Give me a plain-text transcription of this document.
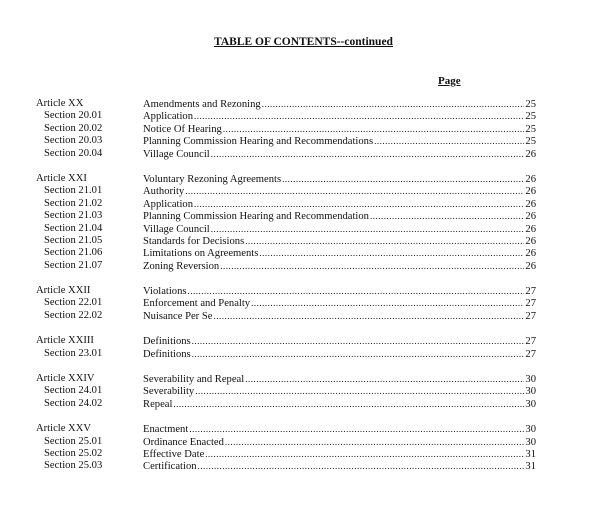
TABLE OF CONTENTS--continued
Page
Article XX	Amendments and Rezoning .....	25
Section 20.01	Application .....	25
Section 20.02	Notice Of Hearing .....	25
Section 20.03	Planning Commission Hearing and Recommendations .....	25
Section 20.04	Village Council .....	26
Article XXI	Voluntary Rezoning Agreements .....	26
Section 21.01	Authority .....	26
Section 21.02	Application .....	26
Section 21.03	Planning Commission Hearing and Recommendation .....	26
Section 21.04	Village Council .....	26
Section 21.05	Standards for Decisions .....	26
Section 21.06	Limitations on Agreements .....	26
Section 21.07	Zoning Reversion .....	26
Article XXII	Violations .....	27
Section 22.01	Enforcement and Penalty .....	27
Section 22.02	Nuisance Per Se .....	27
Article XXIII	Definitions .....	27
Section 23.01	Definitions .....	27
Article XXIV	Severability and Repeal .....	30
Section 24.01	Severability .....	30
Section 24.02	Repeal .....	30
Article XXV	Enactment .....	30
Section 25.01	Ordinance Enacted .....	30
Section 25.02	Effective Date .....	31
Section 25.03	Certification .....	31
